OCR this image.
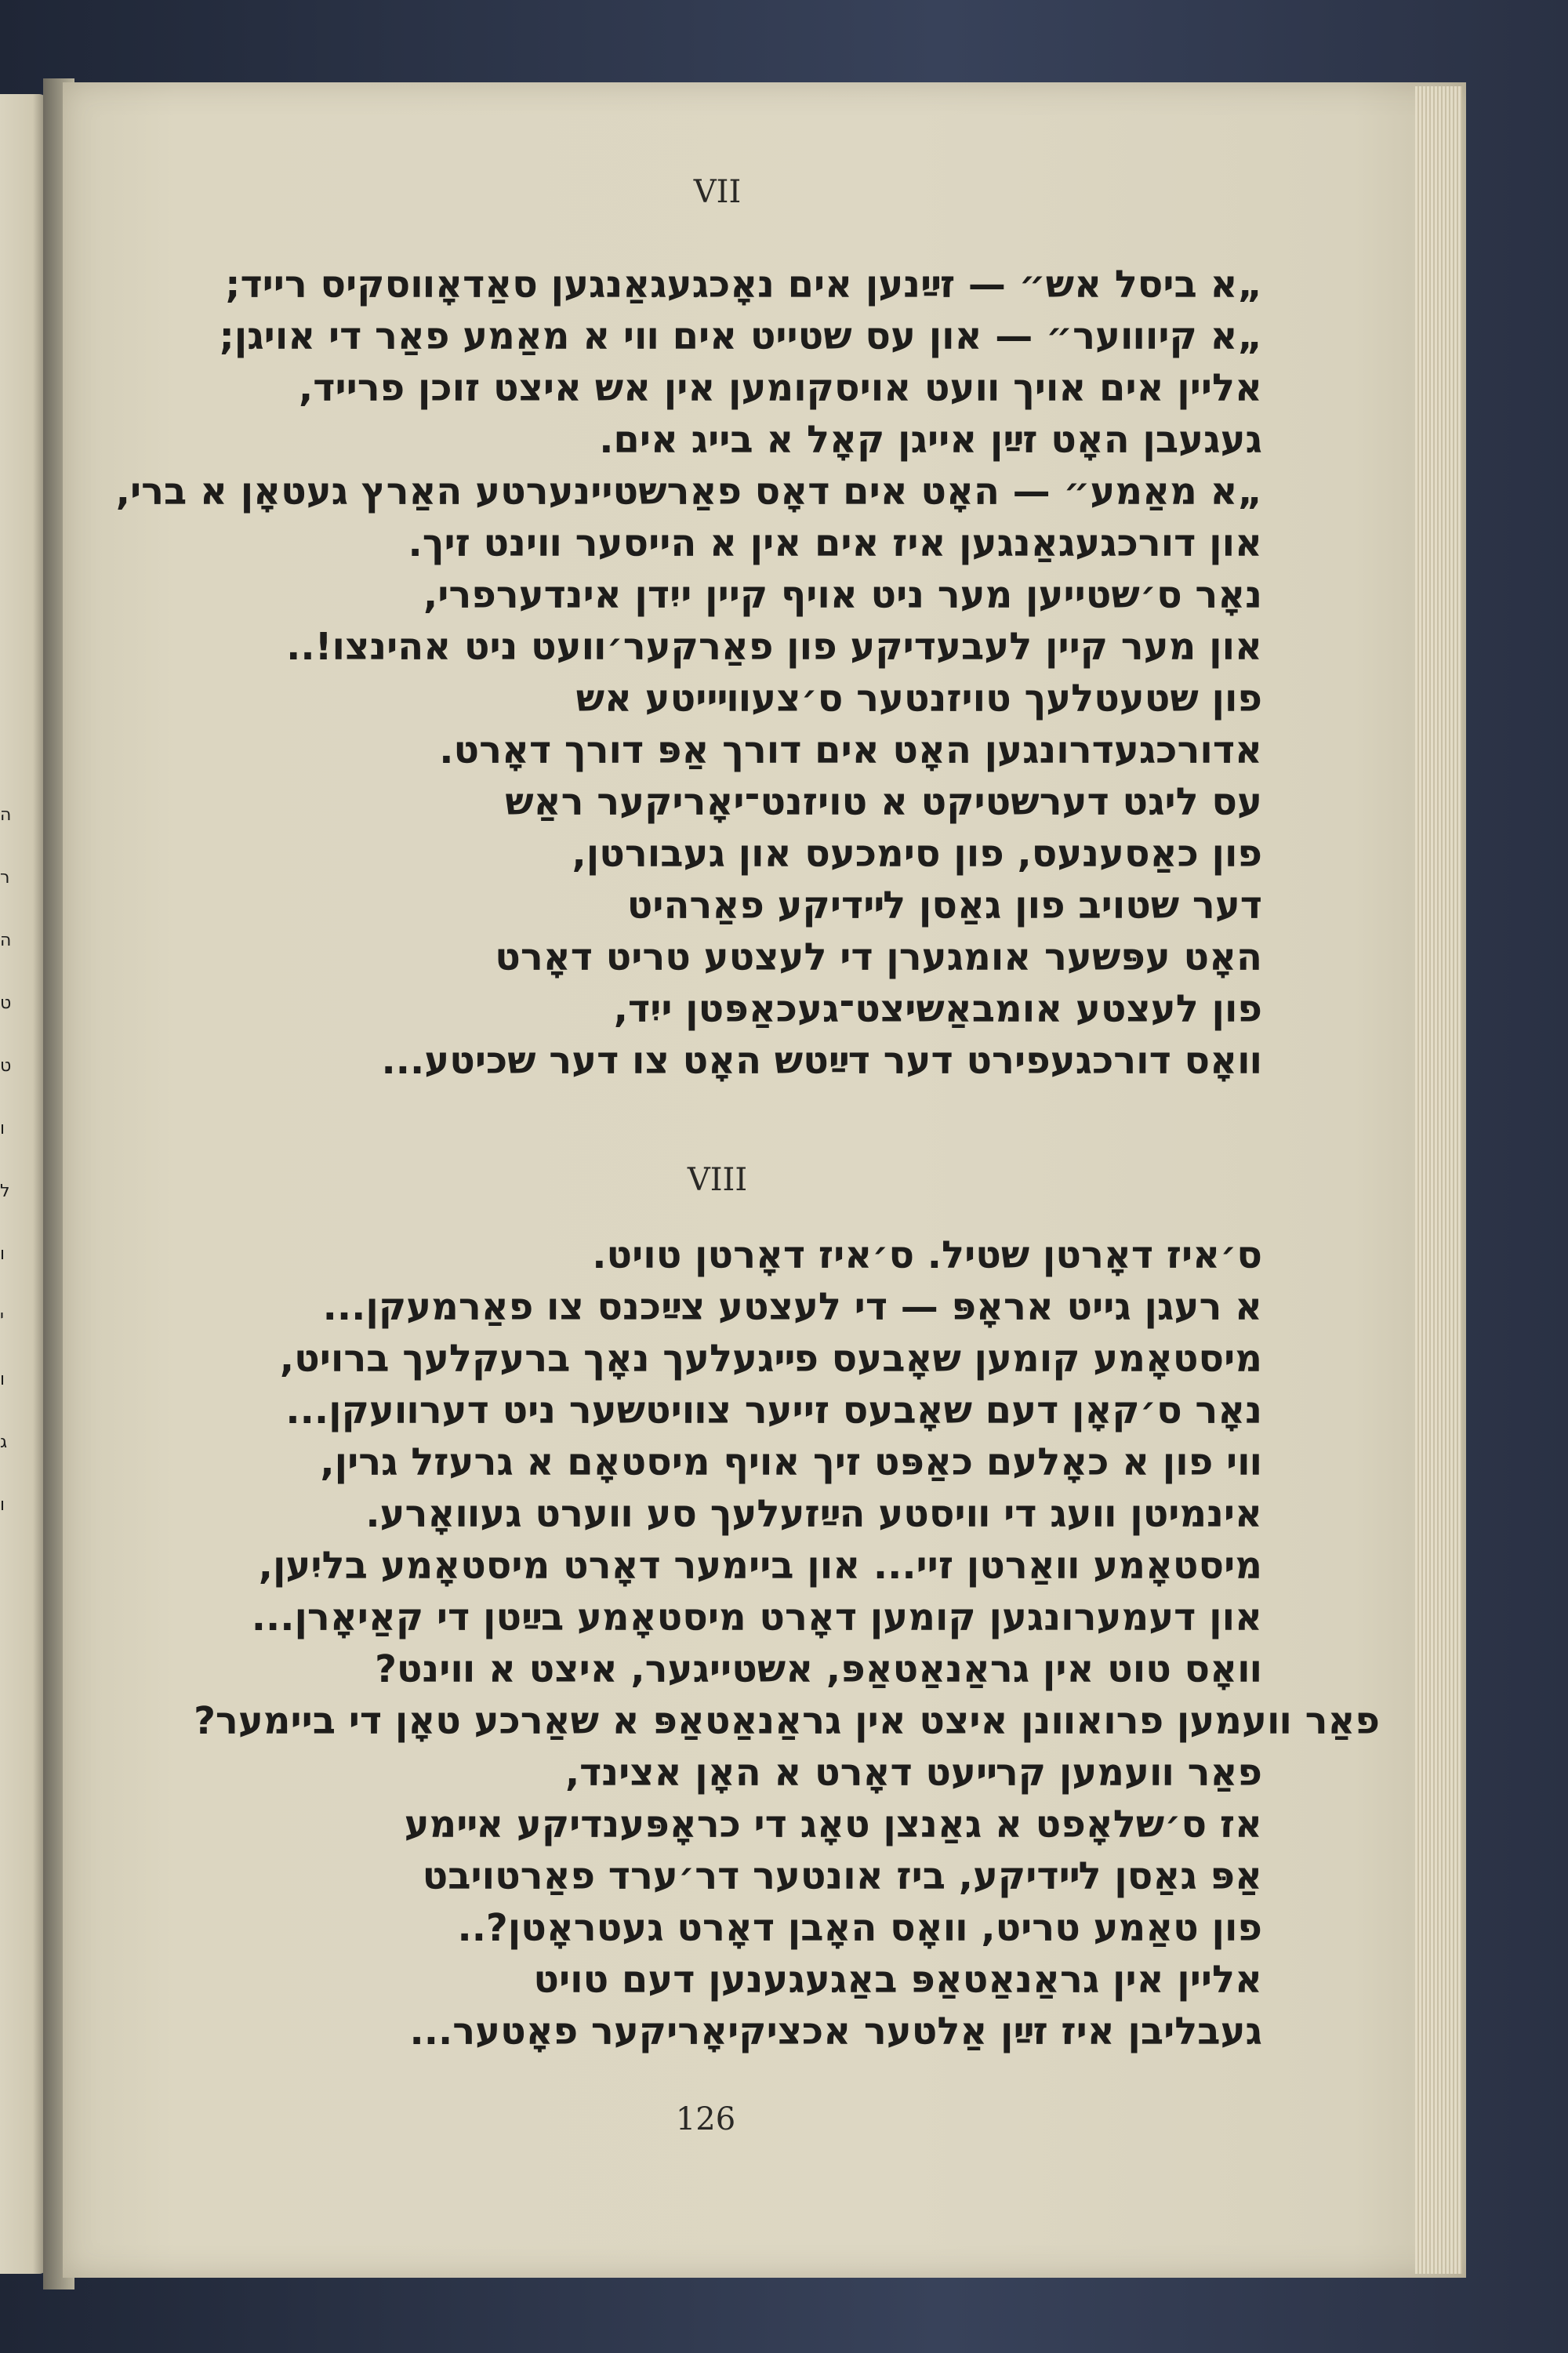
ה
ר
ה
ט
ט
ו
ל
ו
י
ו
ג
ו
VII
„א ביסל אש״ — זײַנען אים נאָכגעגאַנגען סאַדאָװסקיס רייד;
„א קיוװער״ — און עס שטייט אים װי א מאַמע פאַר די אויגן;
אליין אים אויך װעט אויסקומען אין אש איצט זוכן פרייד,
געגעבן האָט זײַן אייגן קאָל א בייג אים.
„א מאַמע״ — האָט אים דאָס פאַרשטיינערטע האַרץ געטאָן א ברי,
און דורכגעגאַנגען איז אים אין א הייסער װינט זיך.
נאָר ס׳שטייען מער ניט אויף קיין ייִדן אינדערפרי,
און מער קיין לעבעדיקע פון פאַרקער׳װעט ניט אהינצו!..
פון שטעטלעך טויזנטער ס׳צעװײיטע אש
אדורכגעדרונגען האָט אים דורך אַפּ דורך דאָרט.
עס ליגט דערשטיקט א טויזנט־יאָריקער ראַש
פון כאַסענעס, פון סימכעס און געבורטן,
דער שטויב פון גאַסן לײדיקע פאַרהיט
האָט עפּשער אומגערן די לעצטע טריט דאָרט
פון לעצטע אומבאַשיצט־געכאַפּטן ייִד,
װאָס דורכגעפירט דער דײַטש האָט צו דער שכיטע...
VIII
ס׳איז דאָרטן שטיל. ס׳איז דאָרטן טויט.
א רעגן גייט אראָפּ — די לעצטע צײַכנס צו פאַרמעקן...
מיסטאָמע קומען שאָבעס פײגעלעך נאָך ברעקלעך ברויט,
נאָר ס׳קאָן דעם שאָבעס זייער צװיטשער ניט דערװעקן...
װי פון א כאָלעם כאַפּט זיך אויף מיסטאָם א גרעזל גרין,
אינמיטן װעג די װיסטע הײַזעלעך סע װערט געװאָרע.
מיסטאָמע װאַרטן זיי... און ביימער דאָרט מיסטאָמע בליִען,
און דעמערונגען קומען דאָרט מיסטאָמע בײַטן די קאַיאָרן...
װאָס טוט אין גראַנאַטאַפּ, אשטייגער, איצט א װינט?
פאַר װעמען פרואװנן איצט אין גראַנאַטאַפּ א שאַרכע טאָן די ביימער?
פאַר װעמען קרײעט דאָרט א האָן אצינד,
אז ס׳שלאָפט א גאַנצן טאָג די כראָפּענדיקע אײמע
אַפּ גאַסן לײדיקע, ביז אונטער דר׳ערד פאַרטויבט
פון טאַמע טריט, װאָס האָבן דאָרט געטראָטן?..
אליין אין גראַנאַטאַפּ באַגעגענען דעם טויט
געבליבן איז זײַן אַלטער אכציקיאָריקער פאָטער...
126
